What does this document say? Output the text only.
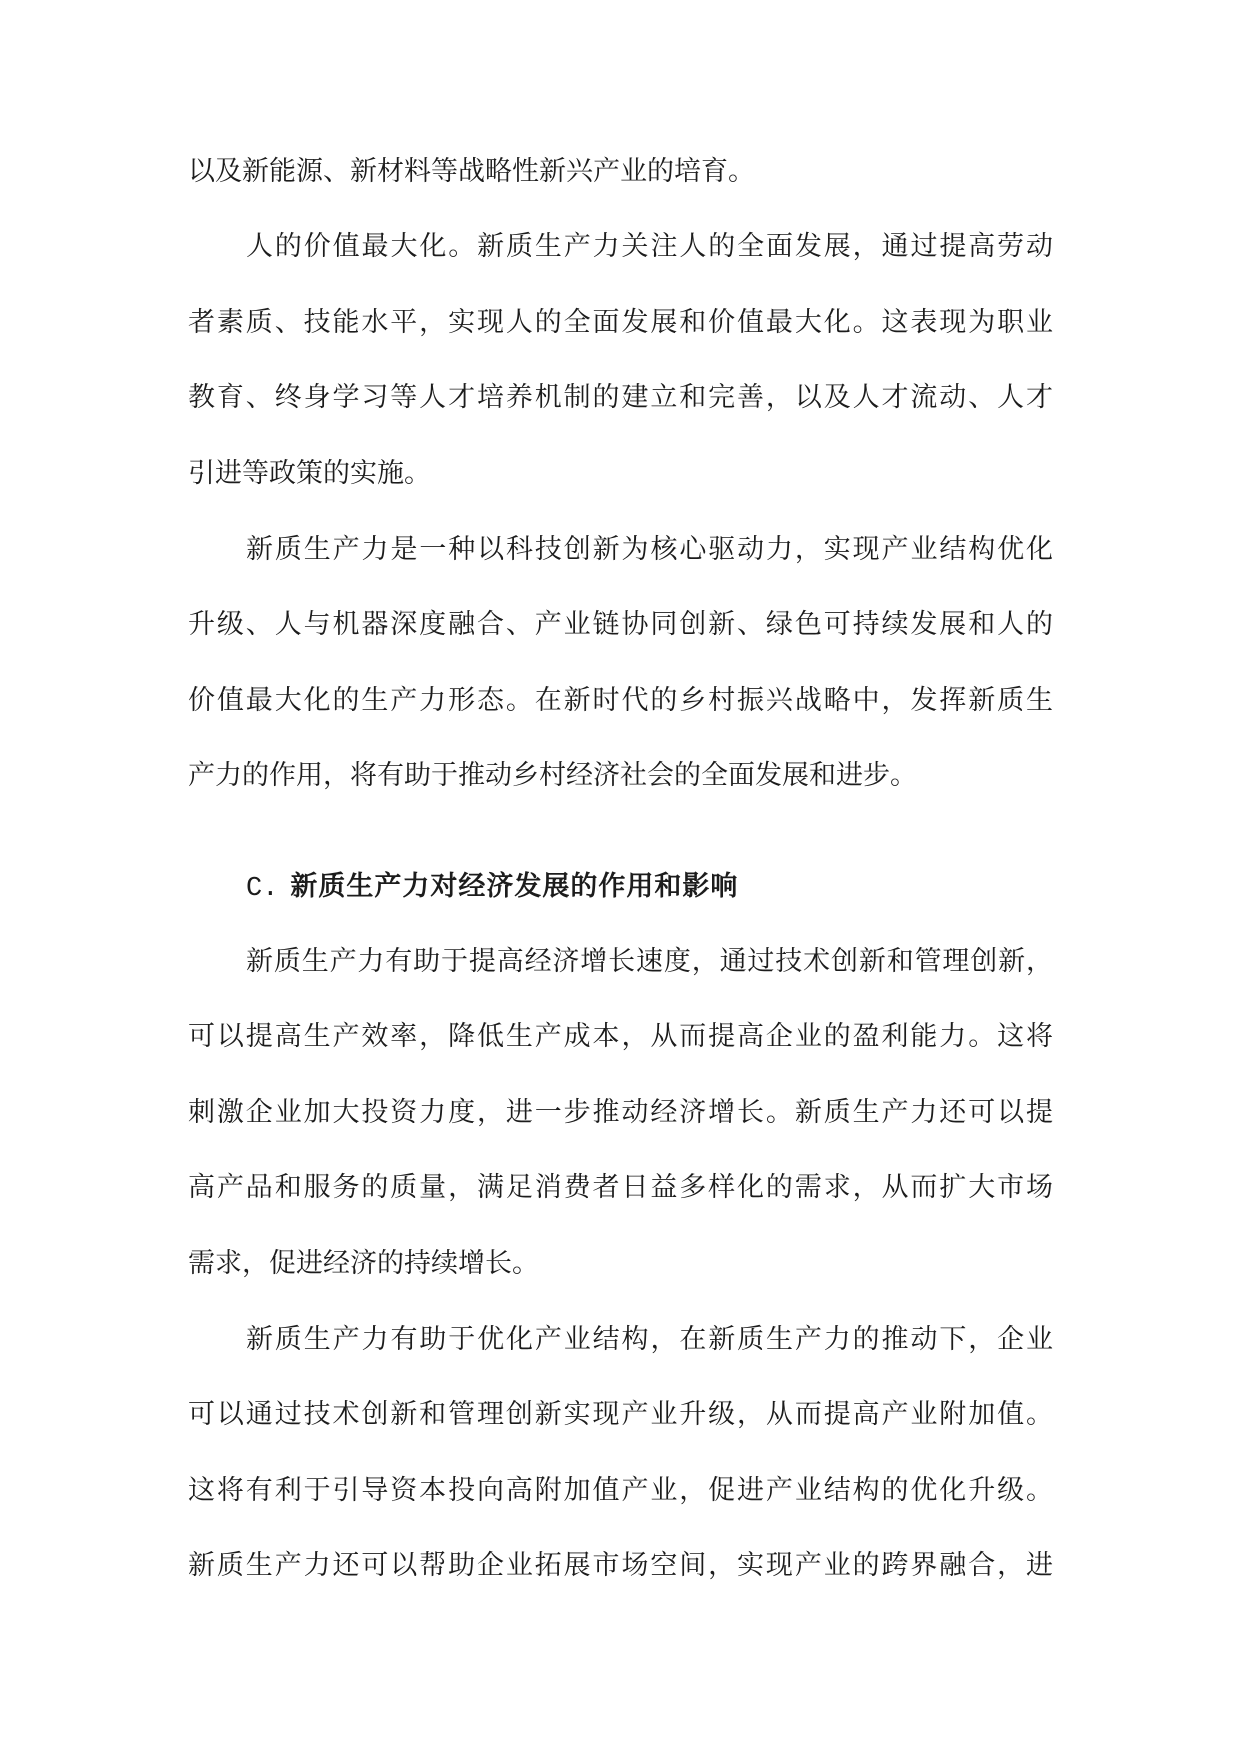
以及新能源、新材料等战略性新兴产业的培育。
人的价值最大化。新质生产力关注人的全面发展，通过提高劳动
者素质、技能水平，实现人的全面发展和价值最大化。这表现为职业
教育、终身学习等人才培养机制的建立和完善，以及人才流动、人才
引进等政策的实施。
新质生产力是一种以科技创新为核心驱动力，实现产业结构优化
升级、人与机器深度融合、产业链协同创新、绿色可持续发展和人的
价值最大化的生产力形态。在新时代的乡村振兴战略中，发挥新质生
产力的作用，将有助于推动乡村经济社会的全面发展和进步。
C. 新质生产力对经济发展的作用和影响
新质生产力有助于提高经济增长速度，通过技术创新和管理创新，
可以提高生产效率，降低生产成本，从而提高企业的盈利能力。这将
刺激企业加大投资力度，进一步推动经济增长。新质生产力还可以提
高产品和服务的质量，满足消费者日益多样化的需求，从而扩大市场
需求，促进经济的持续增长。
新质生产力有助于优化产业结构，在新质生产力的推动下，企业
可以通过技术创新和管理创新实现产业升级，从而提高产业附加值。
这将有利于引导资本投向高附加值产业，促进产业结构的优化升级。
新质生产力还可以帮助企业拓展市场空间，实现产业的跨界融合，进
